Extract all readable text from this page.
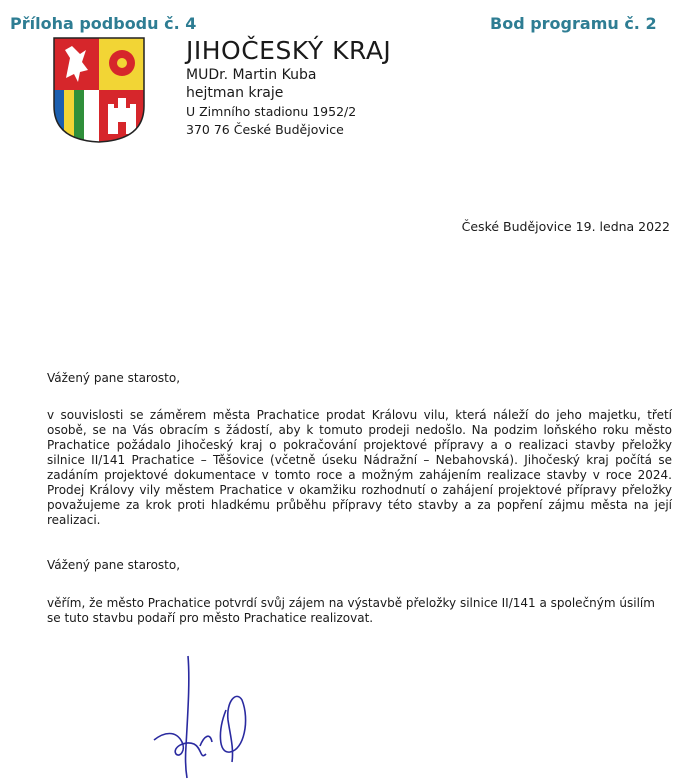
Příloha podbodu č. 4	Bod programu č. 2
JIHOČESKÝ KRAJ
MUDr. Martin Kuba
hejtman kraje
U Zimního stadionu 1952/2
370 76 České Budějovice
České Budějovice 19. ledna 2022

Vážený pane starosto,

v souvislosti se záměrem města Prachatice prodat Královu vilu, která náleží do jeho majetku, třetí osobě, se na Vás obracím s žádostí, aby k tomuto prodeji nedošlo. Na podzim loňského roku město Prachatice požádalo Jihočeský kraj o pokračování projektové přípravy a o realizaci stavby přeložky silnice II/141 Prachatice – Těšovice (včetně úseku Nádražní – Nebahovská). Jihočeský kraj počítá se zadáním projektové dokumentace v tomto roce a možným zahájením realizace stavby v roce 2024. Prodej Královy vily městem Prachatice v okamžiku rozhodnutí o zahájení projektové přípravy přeložky považujeme za krok proti hladkému průběhu přípravy této stavby a za popření zájmu města na její realizaci.

Vážený pane starosto,

věřím, že město Prachatice potvrdí svůj zájem na výstavbě přeložky silnice II/141 a společným úsilím se tuto stavbu podaří pro město Prachatice realizovat.
